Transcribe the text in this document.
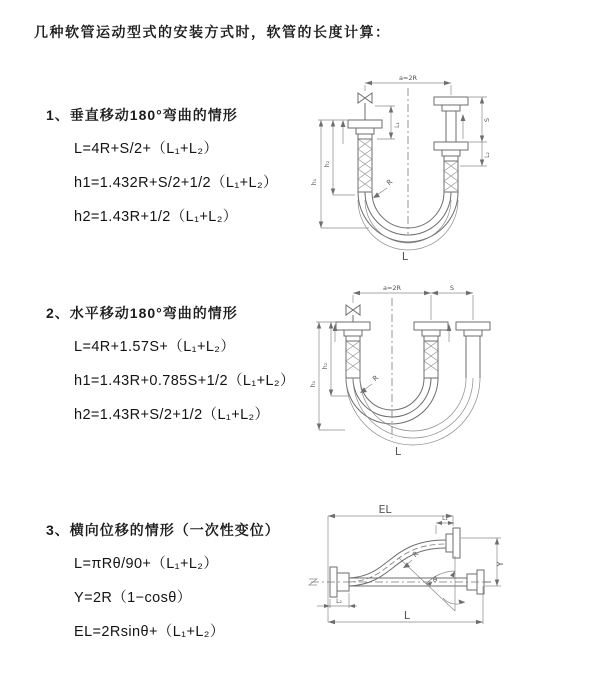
几种软管运动型式的安装方式时，软管的长度计算：
1、垂直移动180°弯曲的情形
L=4R+S/2+（L₁+L₂）
h1=1.432R+S/2+1/2（L₁+L₂）
h2=1.43R+1/2（L₁+L₂）
2、水平移动180°弯曲的情形
L=4R+1.57S+（L₁+L₂）
h1=1.43R+0.785S+1/2（L₁+L₂）
h2=1.43R+S/2+1/2（L₁+L₂）
3、横向位移的情形（一次性变位）
L=πRθ/90+（L₁+L₂）
Y=2R（1−cosθ）
EL=2Rsinθ+（L₁+L₂）
a=2R
L₁
S
L₂
h₂
h₁	R
L
a=2R	S
h₂
h₁
R
L
EL
L₁
Y
θ
R
L₂
L
